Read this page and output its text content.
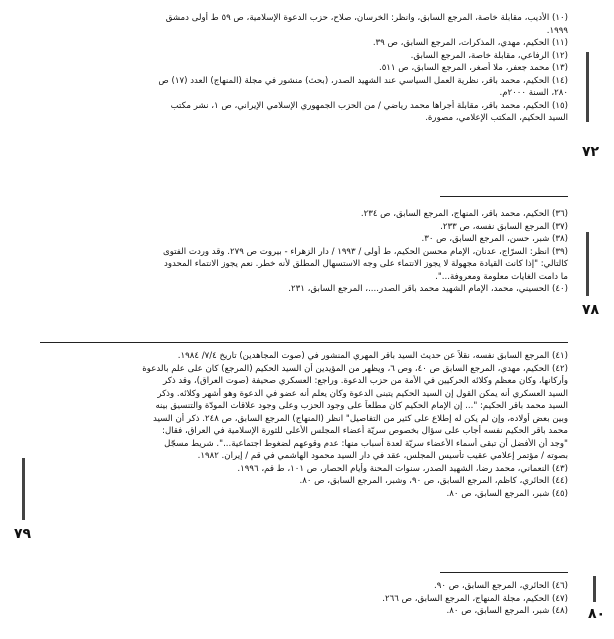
(١٠) الأديب، مقابلة خاصة، المرجع السابق، وانظر: الخرسان، صلاح، حزب الدعوة الإسلامية، ص ٥٩ ط أولى دمشق
١٩٩٩.
(١١) الحكيم، مهدي، المذكرات، المرجع السابق، ص ٣٩.
(١٢) الرفاعي، مقابلة خاصة، المرجع السابق.
(١٣) محمد جعفر، ملا أصغر، المرجع السابق، ص ٥١١.
(١٤) الحكيم، محمد باقر، نظرية العمل السياسي عند الشهيد الصدر، (بحث) منشور في مجلة (المنهاج) العدد (١٧) ص
٢٨٠، السنة ٢٠٠٠م.
(١٥) الحكيم، محمد باقر، مقابلة أجراها محمد رياضي / من الحزب الجمهوري الإسلامي الإيراني، ص ١، نشر مكتب
السيد الحكيم، المكتب الإعلامي، مصورة.
٧٢
(٣٦) الحكيم، محمد باقر، المنهاج، المرجع السابق، ص ٢٣٤.
(٣٧) المرجع السابق نفسه، ص ٢٣٣.
(٣٨) شبر، حسن، المرجع السابق، ص ٣٠.
(٣٩) انظر: السرّاج، عدنان، الإمام محسن الحكيم، ط أولى / ١٩٩٣ / دار الزهراء - بيروت ص ٢٧٩. وقد وردت الفتوى
كالتالي: "إذا كانت القيادة مجهولة لا يجوز الانتماء على وجه الاستسهال المطلق لأنه خطر. نعم يجوز الانتماء المحدود
ما دامت الغايات معلومة ومعروفة...".
(٤٠) الحسيني، محمد، الإمام الشهيد محمد باقر الصدر....، المرجع السابق، ٢٣١.
٧٨
(٤١) المرجع السابق نفسه، نقلاً عن حديث السيد باقر المهري المنشور في (صوت المجاهدين) تاريخ ٧/٤/ ١٩٨٤.
(٤٢) الحكيم، مهدي، المرجع السابق ص ٤٠، وص ٦، ويظهر من المؤيدين أن السيد الحكيم (المرجع) كان على علم بالدعوة
وأركانها، وكان معظم وكلائه الحركيين في الأمة من حزب الدعوة. وراجع: العسكري صحيفة (صوت العراق)، وقد ذكر
السيد العسكري أنه يمكن القول إن السيد الحكيم يتبنى الدعوة وكان يعلم أنه عضو في الدعوة وهو أشهر وكلائه. وذكر
السيد محمد باقر الحكيم: "... إن الإمام الحكيم كان مطلعاً على وجود الحزب وعلى وجود علاقات المودّة والتنسيق بينه
وبين بعض أولاده، وإن لم يكن له إطلاع على كثير من التفاصيل" انظر (المنهاج) المرجع السابق، ص ٢٤٨. ذكر أن السيد
محمد باقر الحكيم نفسه أجاب على سؤال بخصوص سريّة أعضاء المجلس الأعلى للثورة الإسلامية في العراق، فقال:
"وجد أن الأفضل أن تبقى أسماء الأعضاء سريّة لعدة أسباب منها: عدم وقوعهم لضغوط اجتماعية...". شريط مسجّل
بصوته / مؤتمر إعلامي عقيب تأسيس المجلس، عقد في دار السيد محمود الهاشمي في قم / إيران. ١٩٨٢.
(٤٣) النعماني، محمد رضا، الشهيد الصدر، سنوات المحنة وأيام الحصار، ص ١٠١، ط قم، ١٩٩٦.
(٤٤) الحائري، كاظم، المرجع السابق، ص ٩٠، وشبر، المرجع السابق، ص ٨٠.
(٤٥) شبر، المرجع السابق، ص ٨٠.
٧٩
(٤٦) الحائري، المرجع السابق، ص ٩٠.
(٤٧) الحكيم، مجلة المنهاج، المرجع السابق، ص ٢٦٦.
(٤٨) شبر، المرجع السابق، ص ٨٠. ٨٠
